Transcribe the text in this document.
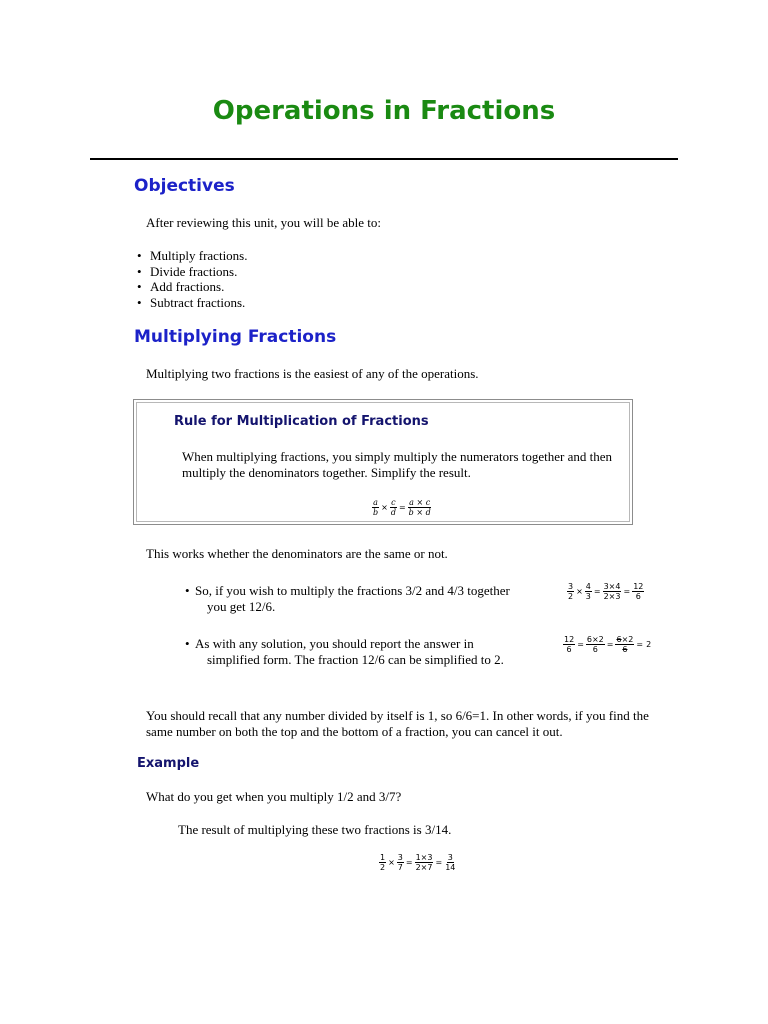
Operations in Fractions
Objectives

After reviewing this unit, you will be able to:

• Multiply fractions.
• Divide fractions.
• Add fractions.
• Subtract fractions.
Multiplying Fractions

Multiplying two fractions is the easiest of any of the operations.

Rule for Multiplication of Fractions

When multiplying fractions, you simply multiply the numerators together and then multiply the denominators together. Simplify the result.

$\frac{a}{b} \times \frac{c}{d} = \frac{a \times c}{b \times d}$

This works whether the denominators are the same or not.

• So, if you wish to multiply the fractions 3/2 and 4/3 together
you get 12/6.
$\frac{3}{2} \times \frac{4}{3} = \frac{3\times 4}{2\times 3} = \frac{12}{6}$
• As with any solution, you should report the answer in
simplified form. The fraction 12/6 can be simplified to 2.
$\frac{12}{6} = \frac{6\times 2}{6} = \frac{6\times 2}{6} = 2$

You should recall that any number divided by itself is 1, so 6/6=1. In other words, if you find the same number on both the top and the bottom of a fraction, you can cancel it out.

Example

What do you get when you multiply 1/2 and 3/7?

The result of multiplying these two fractions is 3/14.

$\frac{1}{2} \times \frac{3}{7} = \frac{1\times 3}{2\times 7} = \frac{3}{14}$
